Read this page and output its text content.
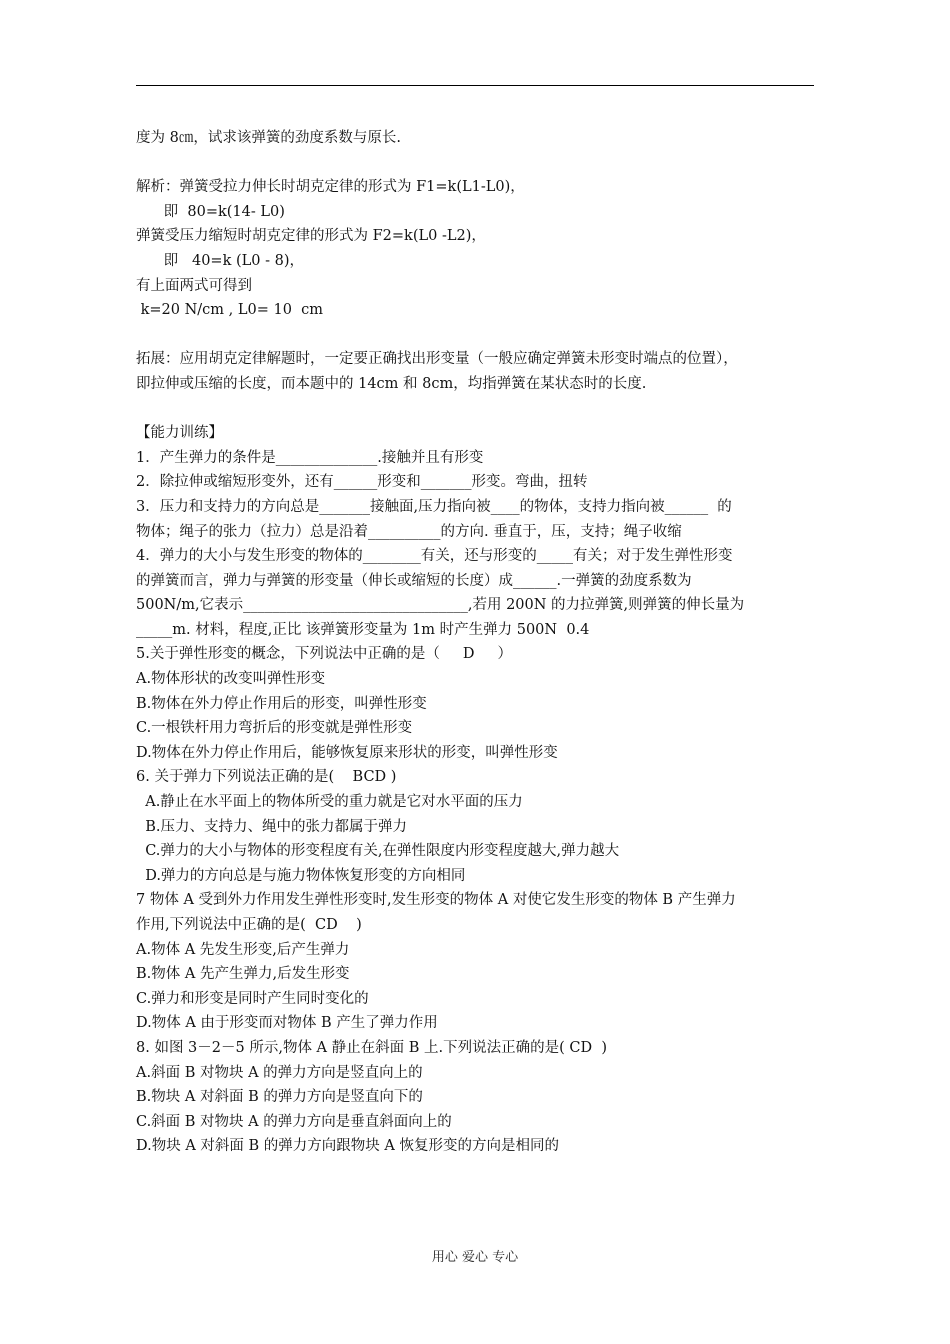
度为 8㎝，试求该弹簧的劲度系数与原长.
解析：弹簧受拉力伸长时胡克定律的形式为 F1=k(L1-L0)，
即  80=k(14- L0)
弹簧受压力缩短时胡克定律的形式为 F2=k(L0 -L2)，
即   40=k (L0 - 8)，
有上面两式可得到
k=20 N/cm , L0= 10  cm
拓展：应用胡克定律解题时，一定要正确找出形变量（一般应确定弹簧未形变时端点的位置），
即拉伸或压缩的长度，而本题中的 14cm 和 8cm，均指弹簧在某状态时的长度.
【能力训练】
1．产生弹力的条件是______________.接触并且有形变
2．除拉伸或缩短形变外，还有______形变和_______形变。弯曲，扭转
3．压力和支持力的方向总是_______接触面,压力指向被____的物体，支持力指向被______  的
物体；绳子的张力（拉力）总是沿着__________的方向. 垂直于，压，支持；绳子收缩
4．弹力的大小与发生形变的物体的________有关，还与形变的_____有关；对于发生弹性形变
的弹簧而言，弹力与弹簧的形变量（伸长或缩短的长度）成______.一弹簧的劲度系数为
500N/m,它表示_______________________________,若用 200N 的力拉弹簧,则弹簧的伸长量为
_____m. 材料，程度,正比 该弹簧形变量为 1m 时产生弹力 500N  0.4
5.关于弹性形变的概念，下列说法中正确的是（     D     ）
A.物体形状的改变叫弹性形变
B.物体在外力停止作用后的形变，叫弹性形变
C.一根铁杆用力弯折后的形变就是弹性形变
D.物体在外力停止作用后，能够恢复原来形状的形变，叫弹性形变
6. 关于弹力下列说法正确的是(    BCD )
A.静止在水平面上的物体所受的重力就是它对水平面的压力
B.压力、支持力、绳中的张力都属于弹力
C.弹力的大小与物体的形变程度有关,在弹性限度内形变程度越大,弹力越大
D.弹力的方向总是与施力物体恢复形变的方向相同
7 物体 A 受到外力作用发生弹性形变时,发生形变的物体 A 对使它发生形变的物体 B 产生弹力
作用,下列说法中正确的是(  CD    )
A.物体 A 先发生形变,后产生弹力
B.物体 A 先产生弹力,后发生形变
C.弹力和形变是同时产生同时变化的
D.物体 A 由于形变而对物体 B 产生了弹力作用
8. 如图 3－2－5 所示,物体 A 静止在斜面 B 上.下列说法正确的是( CD  )
A.斜面 B 对物块 A 的弹力方向是竖直向上的
B.物块 A 对斜面 B 的弹力方向是竖直向下的
C.斜面 B 对物块 A 的弹力方向是垂直斜面向上的
D.物块 A 对斜面 B 的弹力方向跟物块 A 恢复形变的方向是相同的
用心 爱心 专心
